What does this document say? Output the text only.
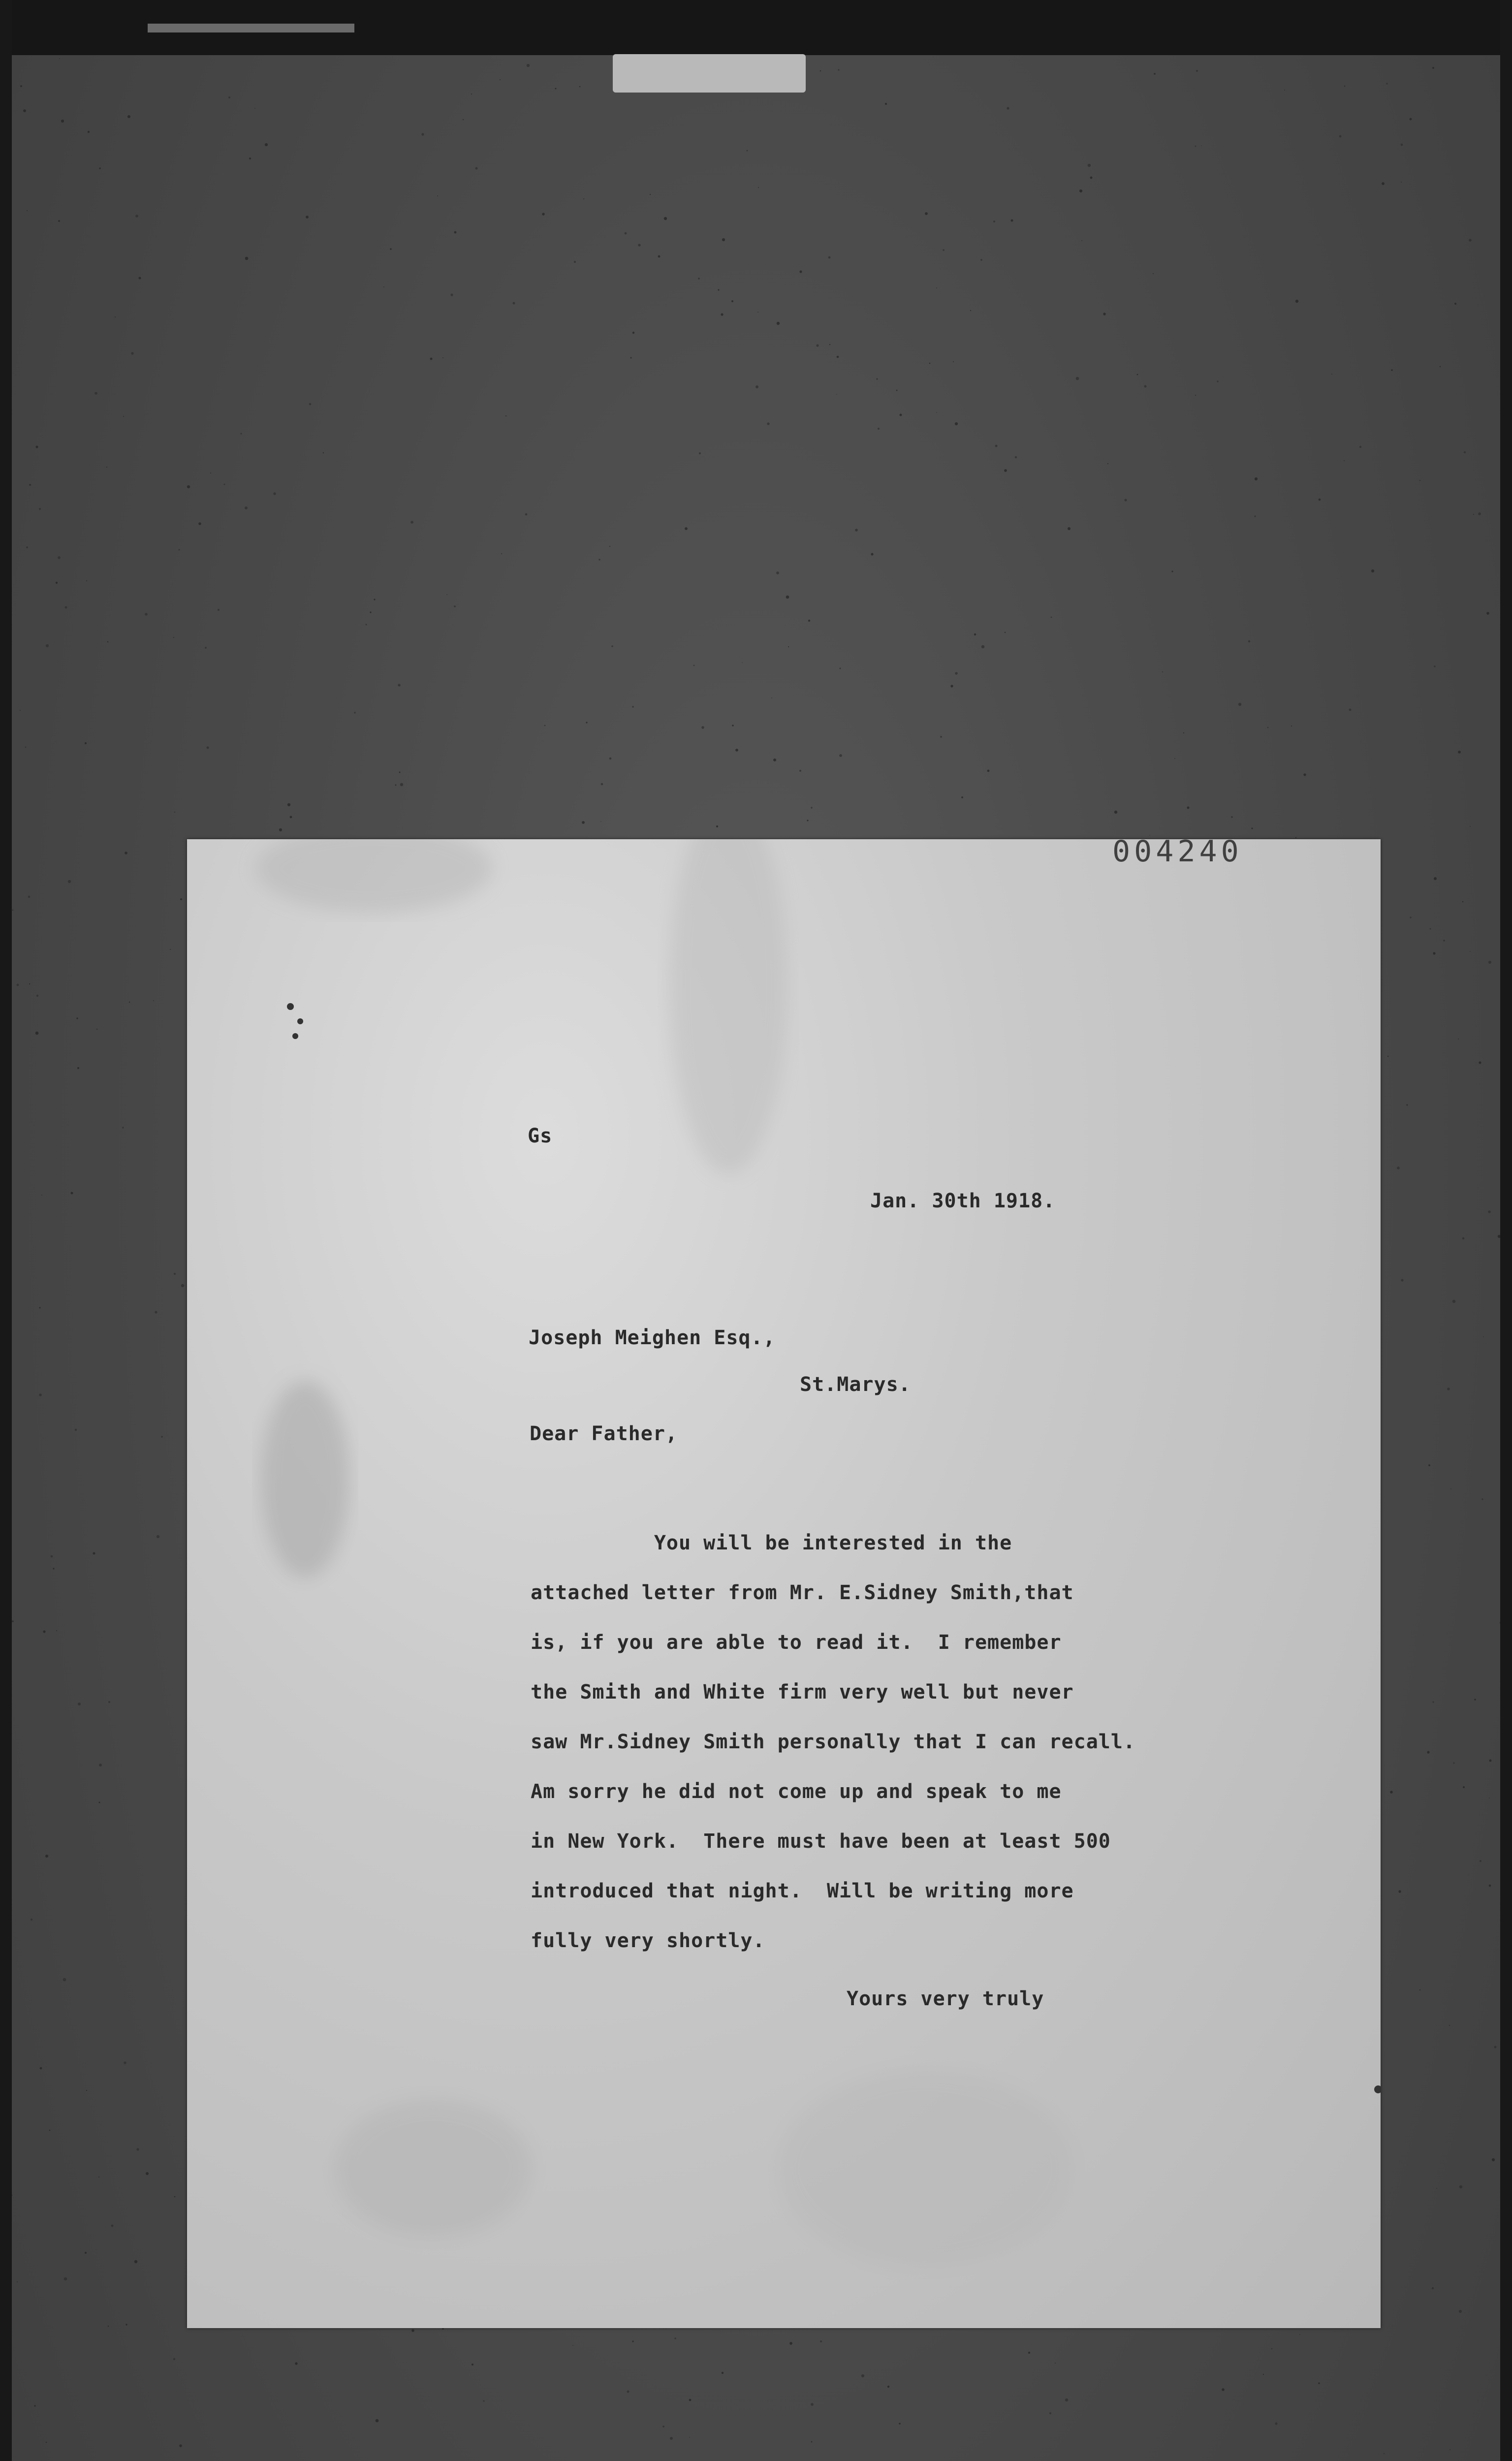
004240

Gs

Jan. 30th 1918.

Joseph Meighen Esq.,

St.Marys.

Dear Father,

You will be interested in the
attached letter from Mr. E.Sidney Smith,that
is, if you are able to read it.  I remember
the Smith and White firm very well but never
saw Mr.Sidney Smith personally that I can recall.
Am sorry he did not come up and speak to me
in New York.  There must have been at least 500
introduced that night.  Will be writing more
fully very shortly.

Yours very truly
